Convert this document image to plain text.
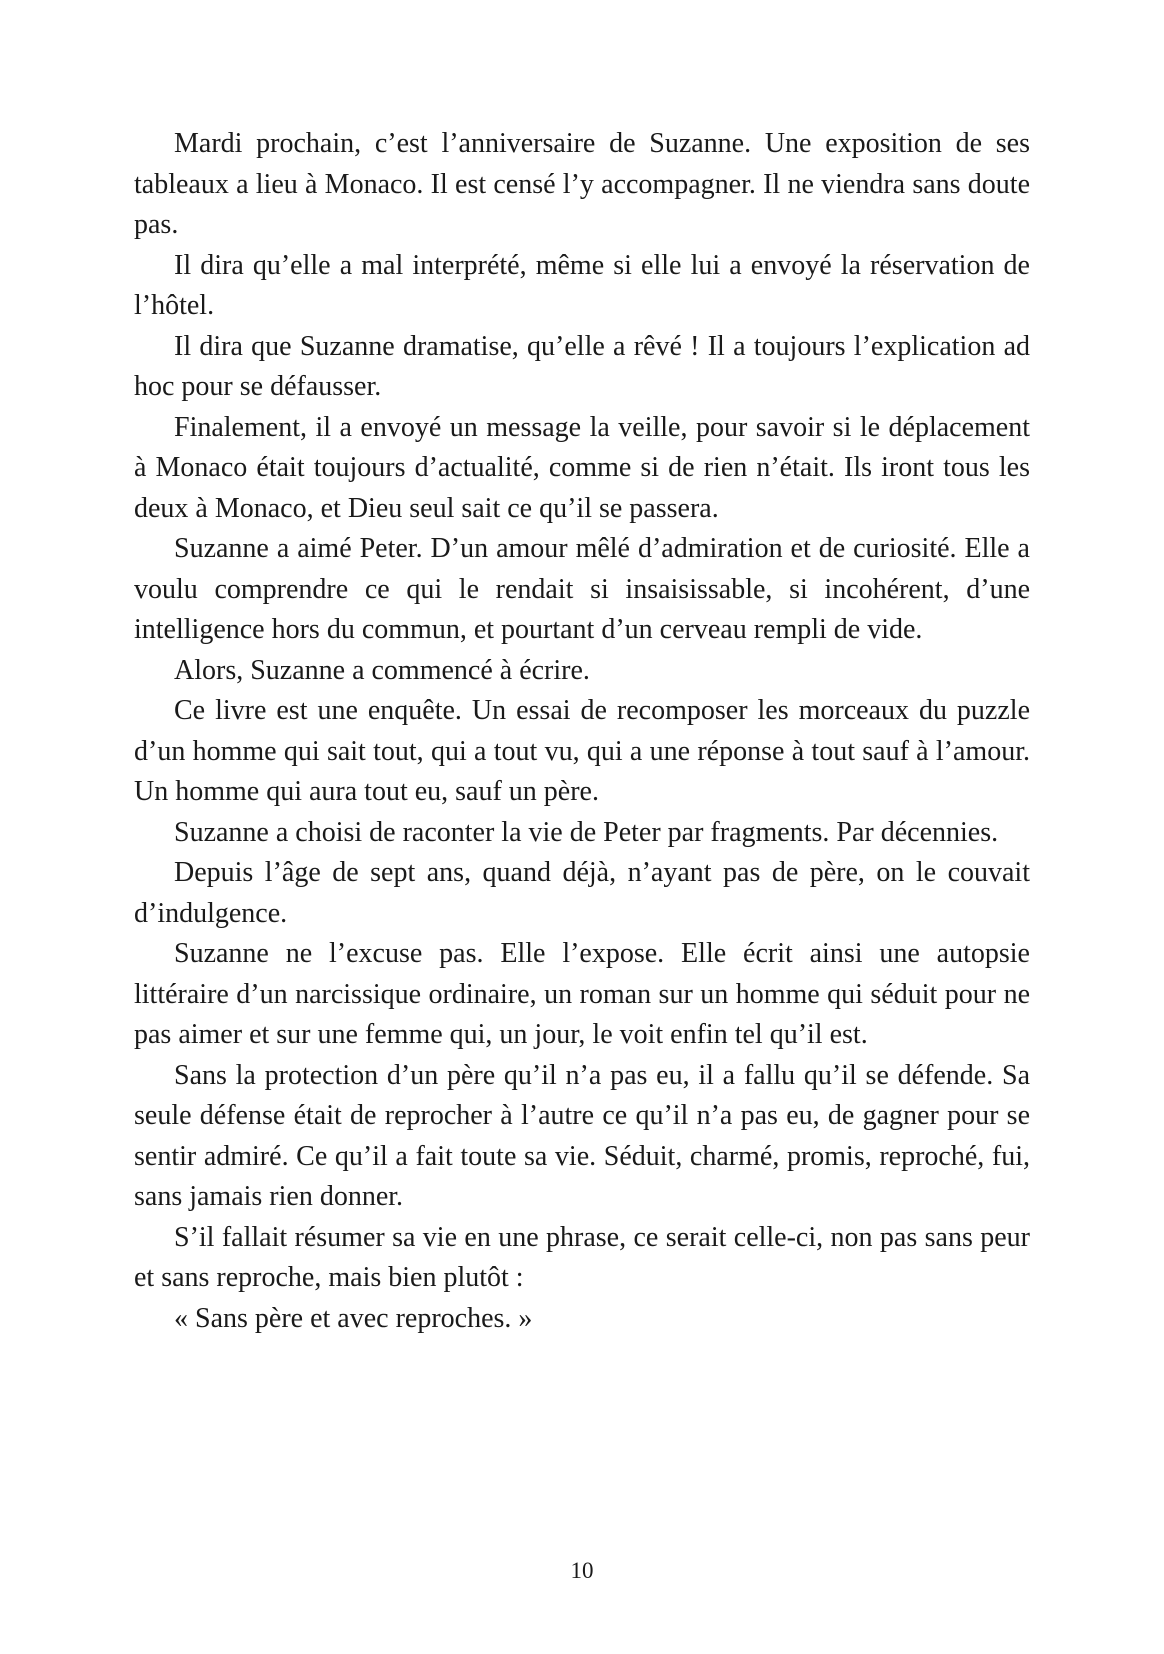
Mardi prochain, c’est l’anniversaire de Suzanne. Une exposition de ses tableaux a lieu à Monaco. Il est censé l’y accompagner. Il ne viendra sans doute pas.

Il dira qu’elle a mal interprété, même si elle lui a envoyé la réservation de l’hôtel.

Il dira que Suzanne dramatise, qu’elle a rêvé ! Il a toujours l’explication ad hoc pour se défausser.

Finalement, il a envoyé un message la veille, pour savoir si le déplacement à Monaco était toujours d’actualité, comme si de rien n’était. Ils iront tous les deux à Monaco, et Dieu seul sait ce qu’il se passera.

Suzanne a aimé Peter. D’un amour mêlé d’admiration et de curiosité. Elle a voulu comprendre ce qui le rendait si insaisissable, si incohérent, d’une intelligence hors du commun, et pourtant d’un cerveau rempli de vide.

Alors, Suzanne a commencé à écrire.

Ce livre est une enquête. Un essai de recomposer les morceaux du puzzle d’un homme qui sait tout, qui a tout vu, qui a une réponse à tout sauf à l’amour. Un homme qui aura tout eu, sauf un père.

Suzanne a choisi de raconter la vie de Peter par fragments. Par décennies.

Depuis l’âge de sept ans, quand déjà, n’ayant pas de père, on le couvait d’indulgence.

Suzanne ne l’excuse pas. Elle l’expose. Elle écrit ainsi une autopsie littéraire d’un narcissique ordinaire, un roman sur un homme qui séduit pour ne pas aimer et sur une femme qui, un jour, le voit enfin tel qu’il est.

Sans la protection d’un père qu’il n’a pas eu, il a fallu qu’il se défende. Sa seule défense était de reprocher à l’autre ce qu’il n’a pas eu, de gagner pour se sentir admiré. Ce qu’il a fait toute sa vie. Séduit, charmé, promis, reproché, fui, sans jamais rien donner.

S’il fallait résumer sa vie en une phrase, ce serait celle-ci, non pas sans peur et sans reproche, mais bien plutôt :

« Sans père et avec reproches. »

10
